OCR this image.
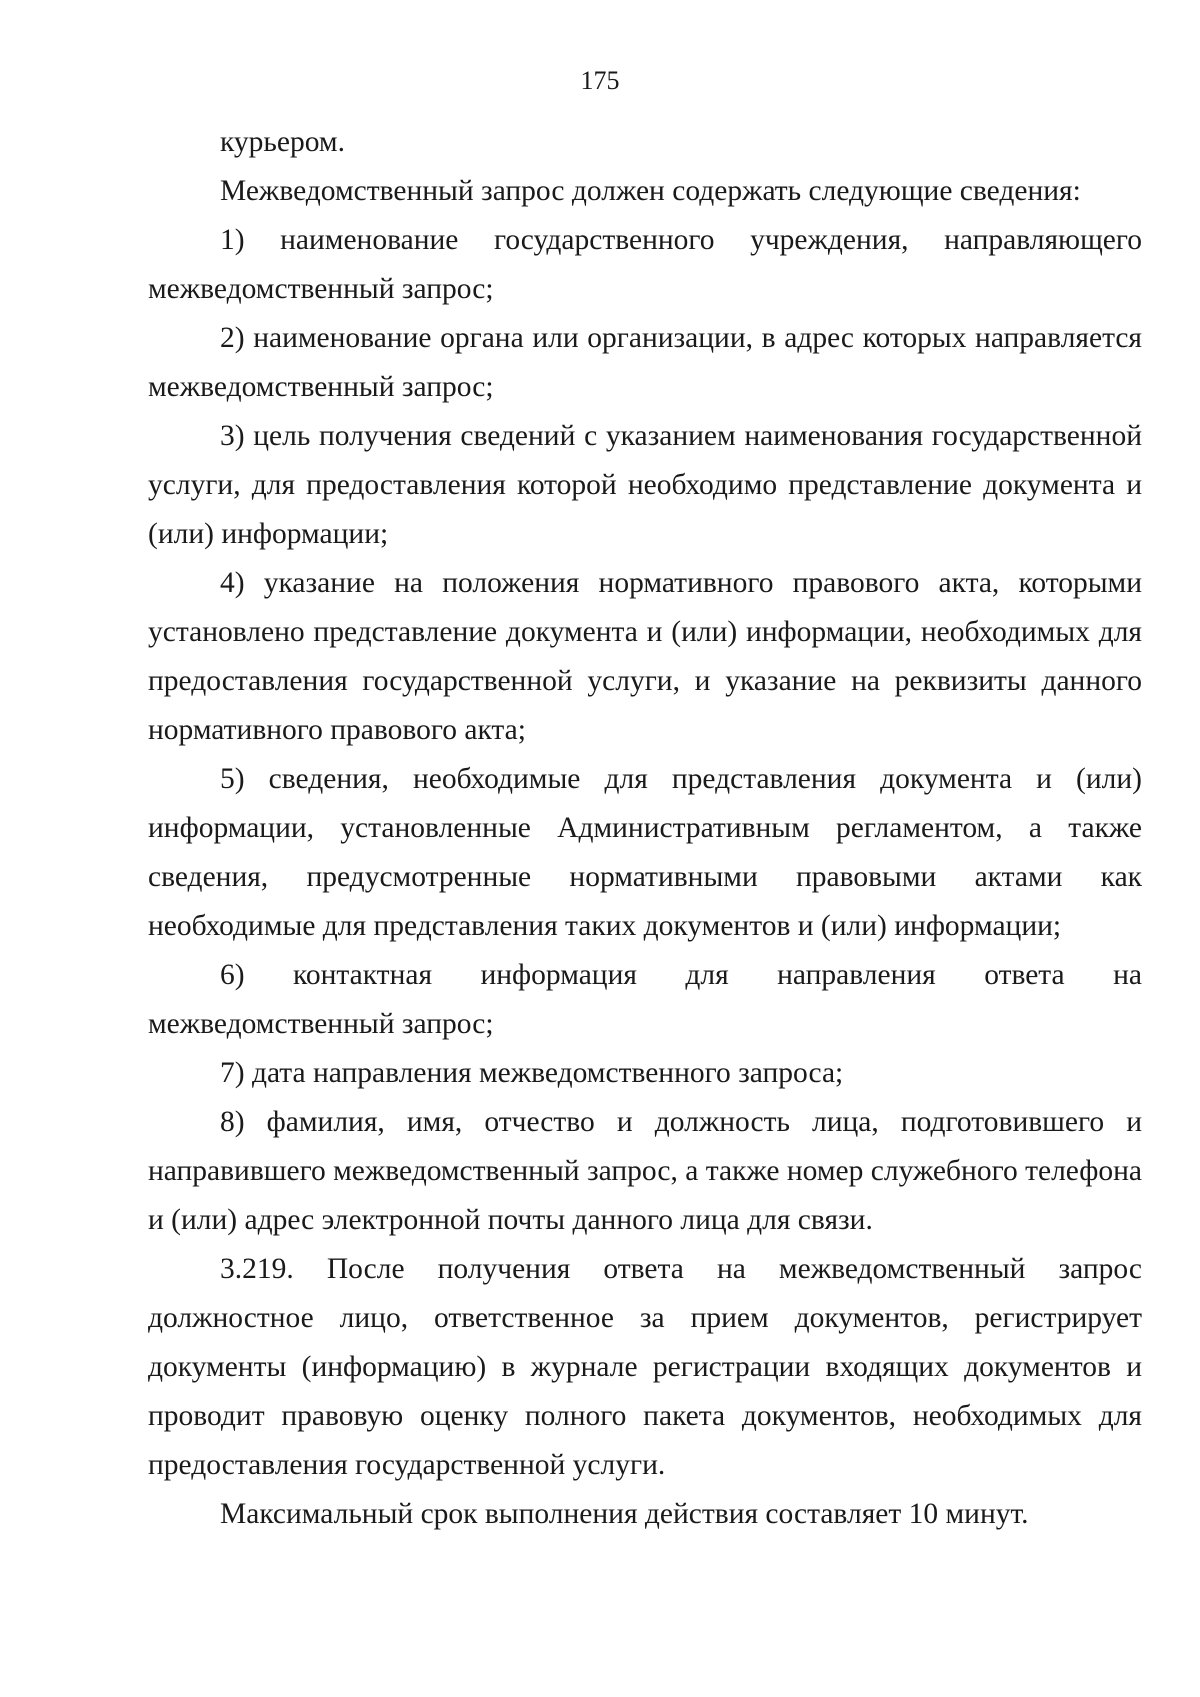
175

курьером.

Межведомственный запрос должен содержать следующие сведения:

1) наименование государственного учреждения, направляющего межведомственный запрос;

2) наименование органа или организации, в адрес которых направляется межведомственный запрос;

3) цель получения сведений с указанием наименования государственной услуги, для предоставления которой необходимо представление документа и (или) информации;

4) указание на положения нормативного правового акта, которыми установлено представление документа и (или) информации, необходимых для предоставления государственной услуги, и указание на реквизиты данного нормативного правового акта;

5) сведения, необходимые для представления документа и (или) информации, установленные Административным регламентом, а также сведения, предусмотренные нормативными правовыми актами как необходимые для представления таких документов и (или) информации;

6) контактная информация для направления ответа на межведомственный запрос;

7) дата направления межведомственного запроса;

8) фамилия, имя, отчество и должность лица, подготовившего и направившего межведомственный запрос, а также номер служебного телефона и (или) адрес электронной почты данного лица для связи.

3.219. После получения ответа на межведомственный запрос должностное лицо, ответственное за прием документов, регистрирует документы (информацию) в журнале регистрации входящих документов и проводит правовую оценку полного пакета документов, необходимых для предоставления государственной услуги.

Максимальный срок выполнения действия составляет 10 минут.
